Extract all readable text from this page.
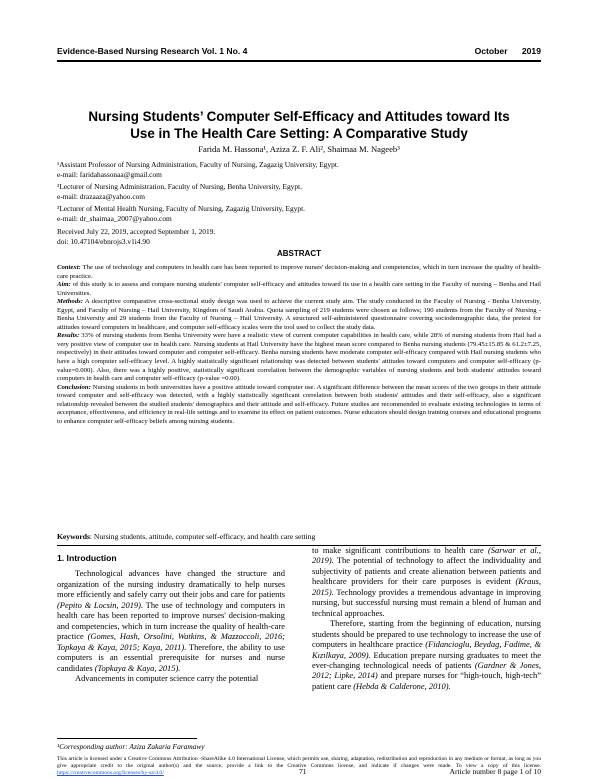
Evidence-Based Nursing Research Vol. 1 No. 4	October 2019
Nursing Students’ Computer Self-Efficacy and Attitudes toward Its
Use in The Health Care Setting: A Comparative Study
Farida M. Hassona¹, Aziza Z. F. Ali², Shaimaa M. Nageeb³

¹Assistant Professor of Nursing Administration, Faculty of Nursing, Zagazig University, Egypt.

e-mail: faridahassonaa@gmail.com

²Lecturer of Nursing Administration, Faculty of Nursing, Benha University, Egypt.

e-mail: drazaaza@yahoo.com

³Lecturer of Mental Health Nursing, Faculty of Nursing, Zagazig University, Egypt.

e-mail: dr_shaimaa_2007@yahoo.com

Received July 22, 2019, accepted September 1, 2019.

doi: 10.47104/ebnrojs3.v1i4.90

ABSTRACT

Context: The use of technology and computers in health care has been reported to improve nurses' decision-making and competencies, which in turn increase the quality of health-care practice.

Aim: of this study is to assess and compare nursing students' computer self-efficacy and attitudes toward its use in a health care setting in the Faculty of nursing – Benha and Hail Universities.

Methods: A descriptive comparative cross-sectional study design was used to achieve the current study aim. The study conducted in the Faculty of Nursing - Benha University, Egypt, and Faculty of Nursing – Hail University, Kingdom of Saudi Arabia. Quota sampling of 219 students were chosen as follows; 190 students from the Faculty of Nursing - Benha University and 29 students from the Faculty of Nursing – Hail University. A structured self-administered questionnaire covering sociodemographic data, the pretest for attitudes toward computers in healthcare, and computer self-efficacy scales were the tool used to collect the study data.

Results: 33% of nursing students from Benha University were have a realistic view of current computer capabilities in health care, while 28% of nursing students from Hail had a very positive view of computer use in health care. Nursing students at Hail University have the highest mean score compared to Benha nursing students (79.45±15.85 & 61.2±7.25, respectively) in their attitudes toward computer and computer self-efficacy. Benha nursing students have moderate computer self-efficacy compared with Hail nursing students who have a high computer self-efficacy level. A highly statistically significant relationship was detected between students' attitudes toward computers and computer self-efficacy (p-value=0.000). Also, there was a highly positive, statistically significant correlation between the demographic variables of nursing students and both students' attitudes toward computers in health care and computer self-efficacy (p-value =0.00).

Conclusion: Nursing students in both universities have a positive attitude toward computer use. A significant difference between the mean scores of the two groups in their attitude toward computer and self-efficacy was detected, with a highly statistically significant correlation between both students' attitudes and their self-efficacy, also a significant relationship revealed between the studied students' demographics and their attitude and self-efficacy. Future studies are recommended to evaluate existing technologies in terms of acceptance, effectiveness, and efficiency in real-life settings and to examine its effect on patient outcomes. Nurse educators should design training courses and educational programs to enhance computer self-efficacy beliefs among nursing students.

Keywords: Nursing students, attitude, computer self-efficacy, and health care setting

1. Introduction

Technological advances have changed the structure and organization of the nursing industry dramatically to help nurses more efficiently and safely carry out their jobs and care for patients (Pepito & Locsin, 2019). The use of technology and computers in health care has been reported to improve nurses' decision-making and competencies, which in turn increase the quality of health-care practice (Gomes, Hash, Orsolini, Watkins, & Mazzoccoli, 2016; Topkaya & Kaya, 2015; Kaya, 2011). Therefore, the ability to use computers is an essential prerequisite for nurses and nurse candidates (Topkaya & Kaya, 2015).

Advancements in computer science carry the potential

to make significant contributions to health care (Sarwar et al., 2019). The potential of technology to affect the individuality and subjectivity of patients and create alienation between patients and healthcare providers for their care purposes is evident (Kraus, 2015). Technology provides a tremendous advantage in improving nursing, but successful nursing must remain a blend of human and technical approaches.

Therefore, starting from the beginning of education, nursing students should be prepared to use technology to increase the use of computers in healthcare practice (Fidancioglu, Beydag, Fadime, & Kızılkaya, 2009). Education prepare nursing graduates to meet the ever-changing technological needs of patients (Gardner & Jones, 2012; Lipke, 2014) and prepare nurses for “high-touch, high-tech” patient care (Hebda & Calderone, 2010).

¹Corresponding author: Aziza Zakaria Faramawy
This article is licensed under a Creative Commons Attribution -ShareAlike 4.0 International License, which permits use, sharing, adaptation, redistribution and reproduction in any medium or format, as long as you give appropriate credit to the original author(s) and the source, provide a link to the Creative Commons license, and indicate if changes were made. To view a copy of this license. https://creativecommons.org/licenses/by-sa/4.0/	71	Article number 8 page 1 of 10
